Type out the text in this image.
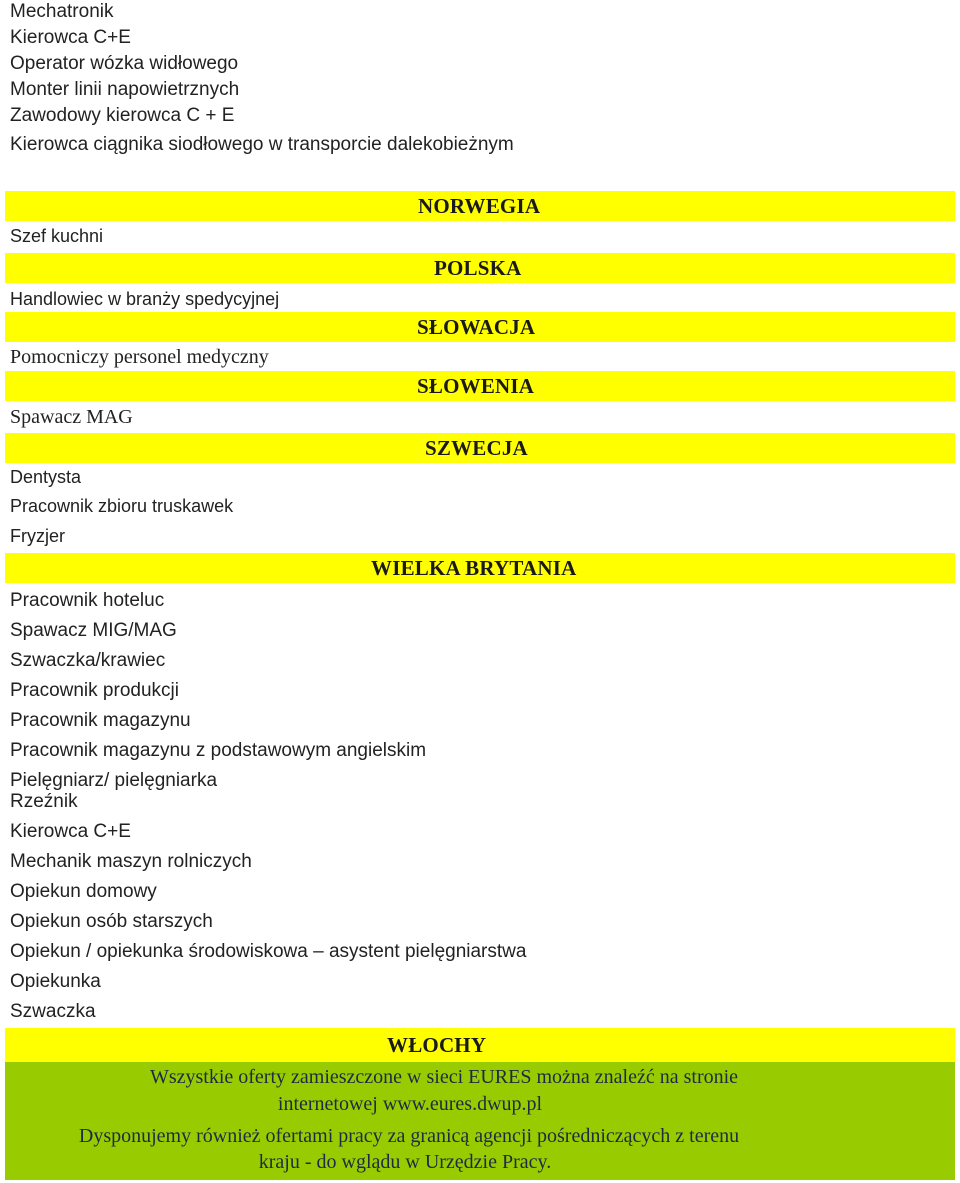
Mechatronik
Kierowca C+E
Operator wózka widłowego
Monter linii napowietrznych
Zawodowy kierowca C + E
Kierowca ciągnika siodłowego w transporcie dalekobieżnym
NORWEGIA
Szef kuchni
POLSKA
Handlowiec w branży spedycyjnej
SŁOWACJA
Pomocniczy personel medyczny
SŁOWENIA
Spawacz MAG
SZWECJA
Dentysta
Pracownik zbioru truskawek
Fryzjer
WIELKA BRYTANIA
Pracownik hoteluc
Spawacz MIG/MAG
Szwaczka/krawiec
Pracownik produkcji
Pracownik magazynu
Pracownik magazynu z podstawowym angielskim
Pielęgniarz/ pielęgniarka
Rzeźnik
Kierowca C+E
Mechanik maszyn rolniczych
Opiekun domowy
Opiekun osób starszych
Opiekun / opiekunka środowiskowa – asystent pielęgniarstwa
Opiekunka
Szwaczka
WŁOCHY
Wszystkie oferty zamieszczone w sieci EURES można znaleźć na stronie
internetowej www.eures.dwup.pl
Dysponujemy również ofertami pracy za granicą agencji pośredniczących z terenu
kraju - do wglądu w Urzędzie Pracy.
